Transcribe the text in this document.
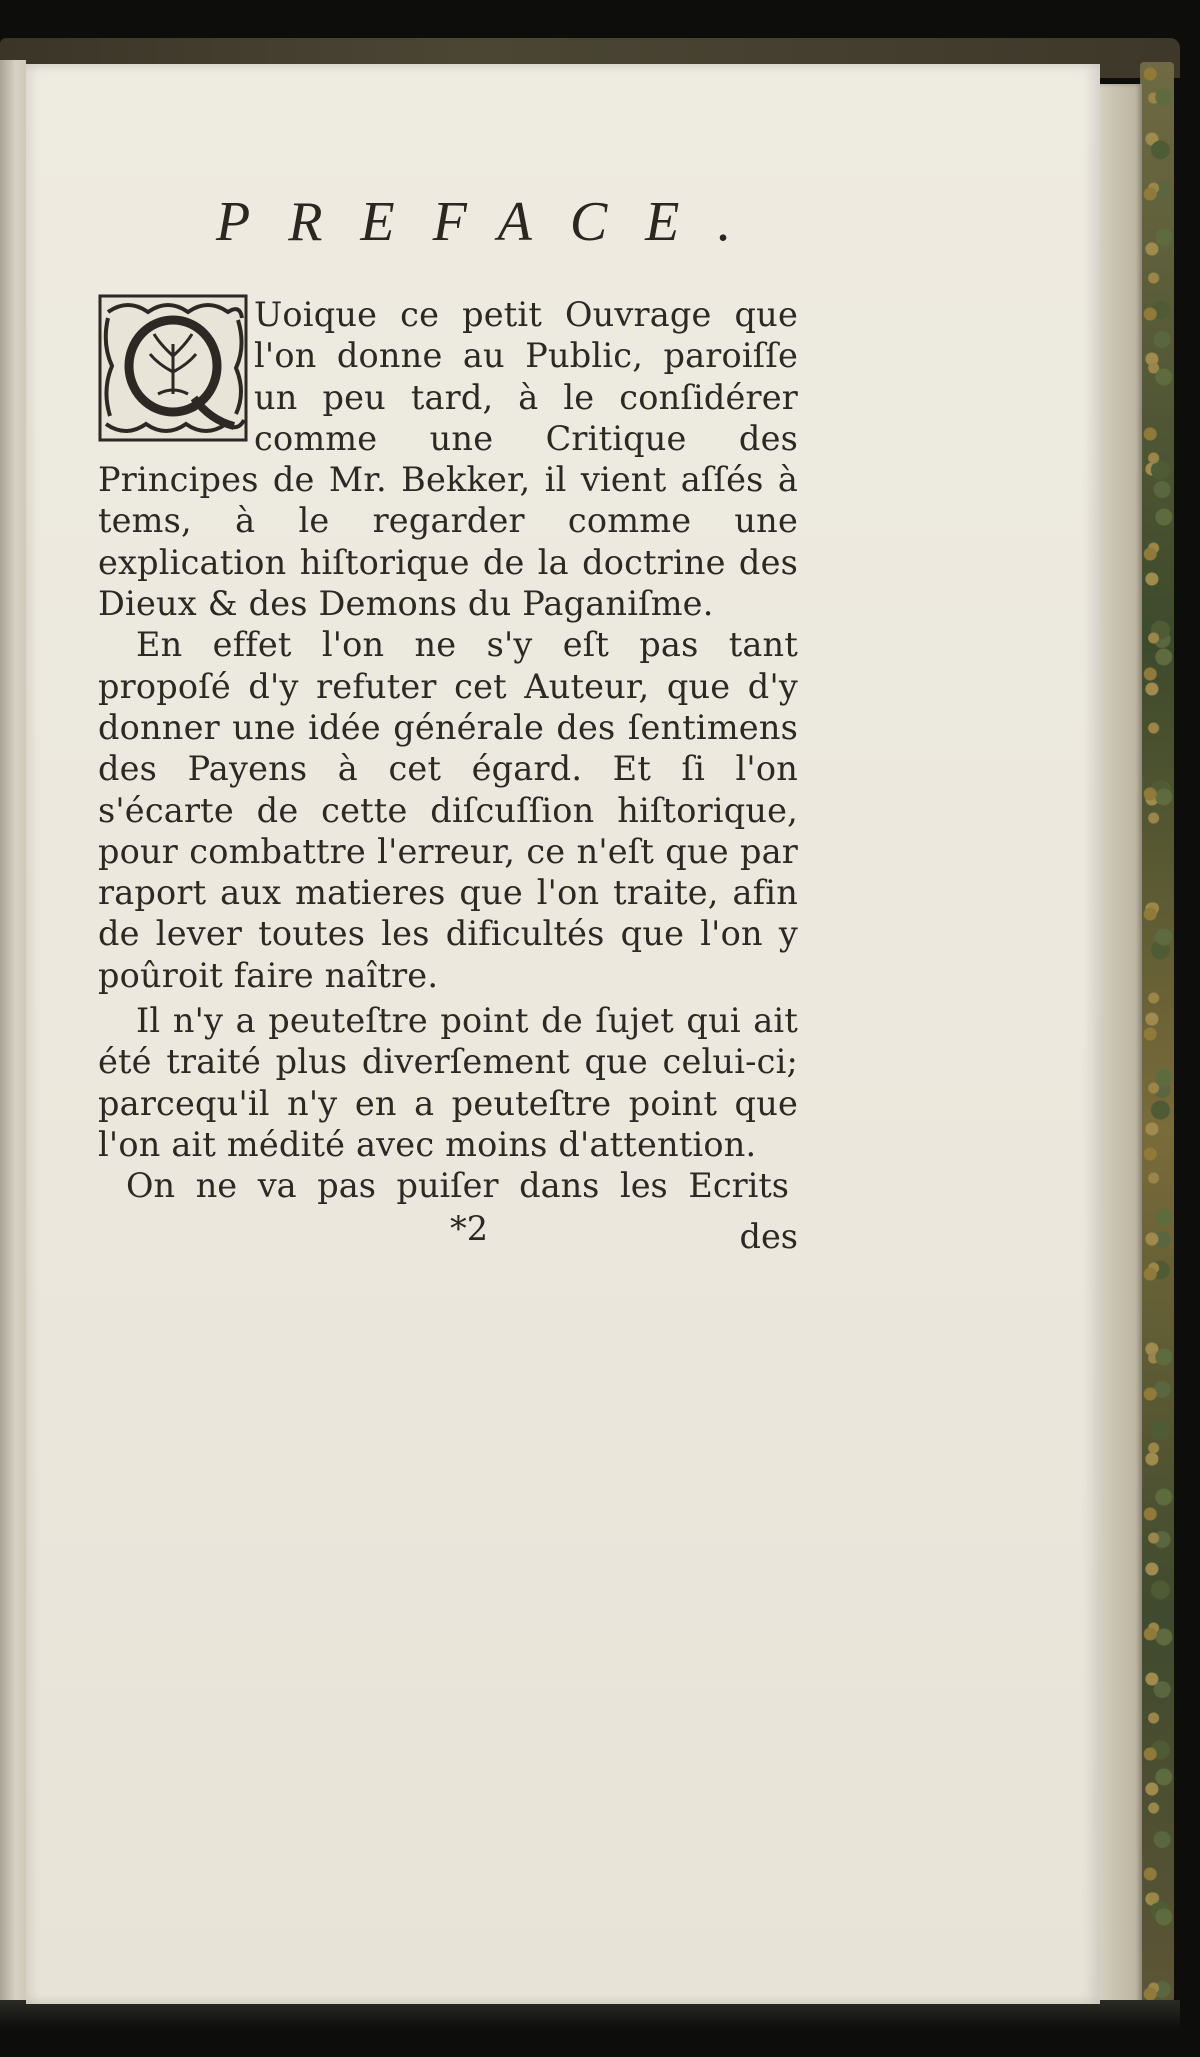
PREFACE.

Uoique ce petit Ouvrage que l'on donne au Public, paroiſſe un peu tard, à le conſidérer comme une Critique des Principes de Mr. Bekker, il vient aſſés à tems, à le regarder comme une explication hiſtorique de la doctrine des Dieux & des Demons du Paganiſme.

En effet l'on ne s'y eſt pas tant propoſé d'y refuter cet Auteur, que d'y donner une idée générale des ſentimens des Payens à cet égard. Et ſi l'on s'écarte de cette diſcuſſion hiſtorique, pour combattre l'erreur, ce n'eſt que par raport aux matieres que l'on traite, afin de lever toutes les dificultés que l'on y poûroit faire naître.

Il n'y a peuteſtre point de ſujet qui ait été traité plus diverſement que celui-ci; parcequ'il n'y en a peuteſtre point que l'on ait médité avec moins d'attention.

On ne va pas puiſer dans les Ecrits

*2	des
